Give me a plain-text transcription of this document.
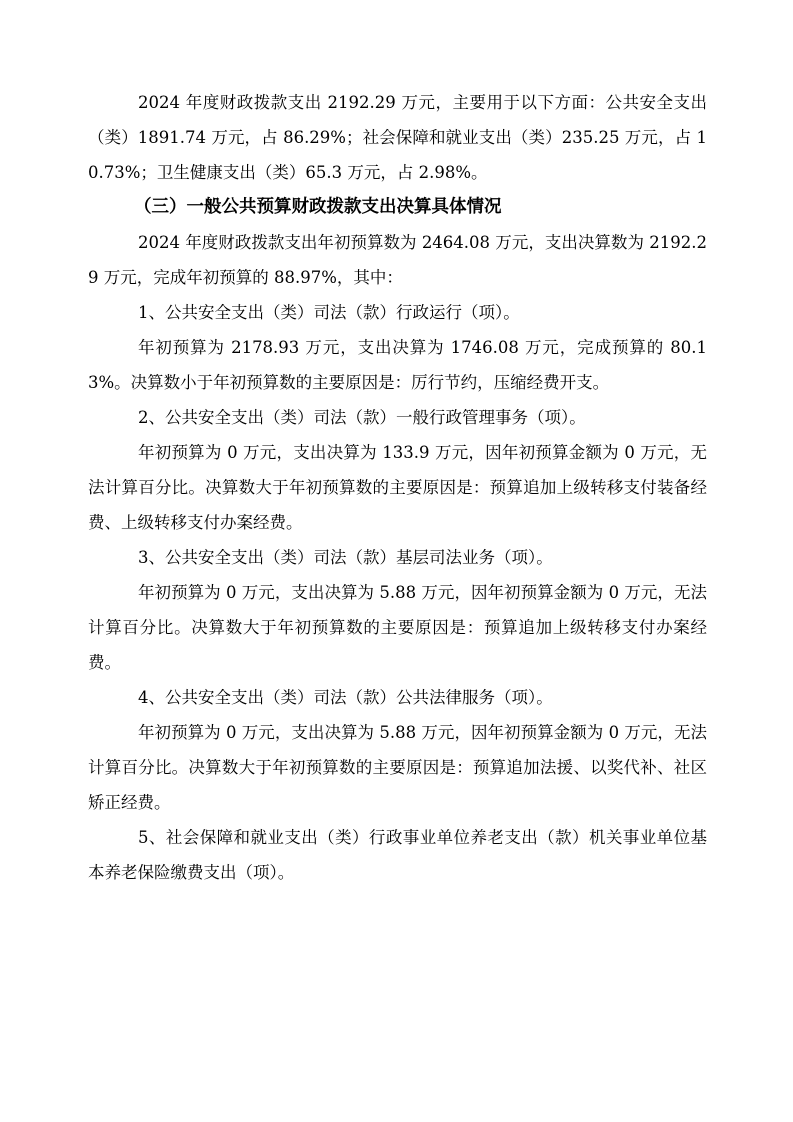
2024 年度财政拨款支出 2192.29 万元，主要用于以下方面：公共安全支出（类）1891.74 万元，占 86.29%；社会保障和就业支出（类）235.25 万元，占 10.73%；卫生健康支出（类）65.3 万元，占 2.98%。

（三）一般公共预算财政拨款支出决算具体情况

2024 年度财政拨款支出年初预算数为 2464.08 万元，支出决算数为 2192.29 万元，完成年初预算的 88.97%，其中：

1、公共安全支出（类）司法（款）行政运行（项）。

年初预算为 2178.93 万元，支出决算为 1746.08 万元，完成预算的 80.13%。决算数小于年初预算数的主要原因是：厉行节约，压缩经费开支。

2、公共安全支出（类）司法（款）一般行政管理事务（项）。

年初预算为 0 万元，支出决算为 133.9 万元，因年初预算金额为 0 万元，无法计算百分比。决算数大于年初预算数的主要原因是：预算追加上级转移支付装备经费、上级转移支付办案经费。

3、公共安全支出（类）司法（款）基层司法业务（项）。

年初预算为 0 万元，支出决算为 5.88 万元，因年初预算金额为 0 万元，无法计算百分比。决算数大于年初预算数的主要原因是：预算追加上级转移支付办案经费。

4、公共安全支出（类）司法（款）公共法律服务（项）。

年初预算为 0 万元，支出决算为 5.88 万元，因年初预算金额为 0 万元，无法计算百分比。决算数大于年初预算数的主要原因是：预算追加法援、以奖代补、社区矫正经费。

5、社会保障和就业支出（类）行政事业单位养老支出（款）机关事业单位基本养老保险缴费支出（项）。
